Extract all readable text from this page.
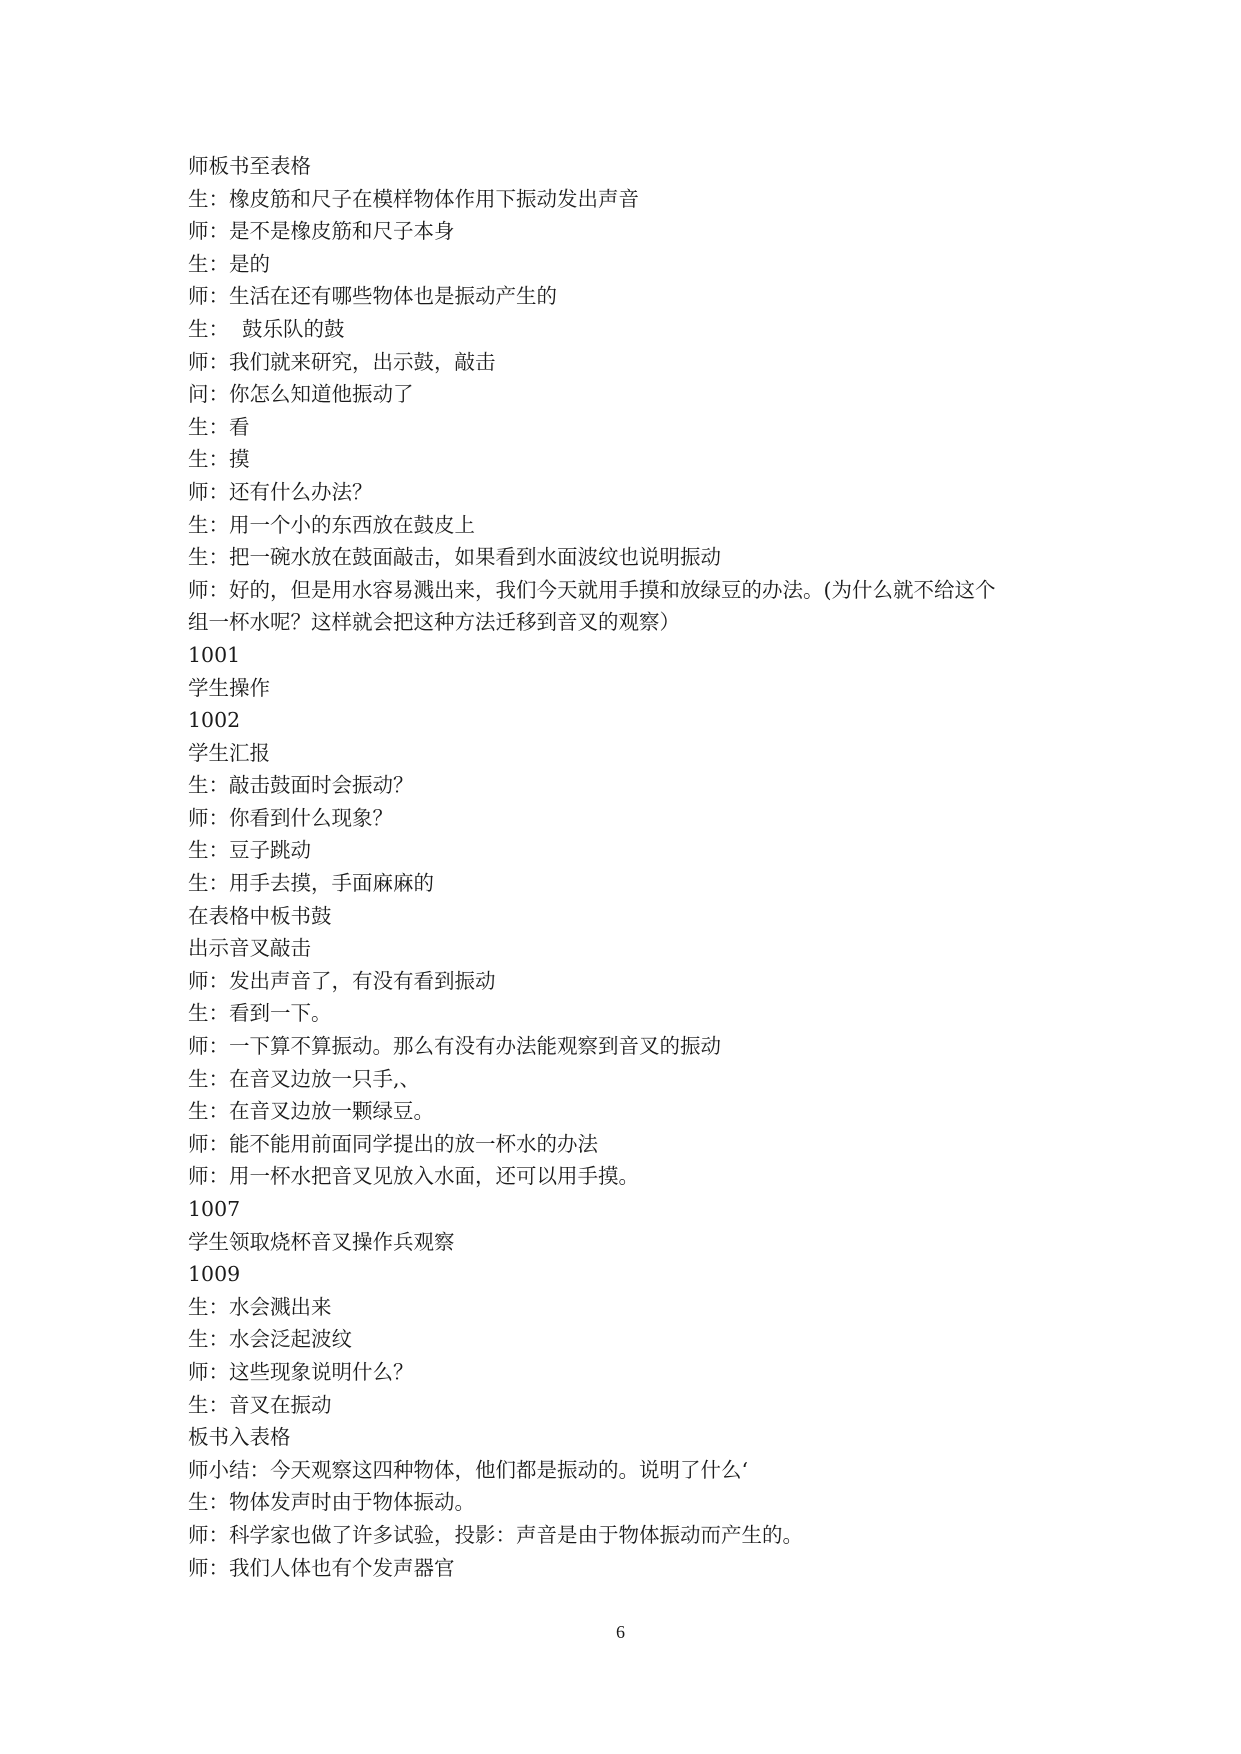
师板书至表格
生：橡皮筋和尺子在模样物体作用下振动发出声音
师：是不是橡皮筋和尺子本身
生：是的
师：生活在还有哪些物体也是振动产生的
生：  鼓乐队的鼓
师：我们就来研究，出示鼓，敲击
问：你怎么知道他振动了
生：看
生：摸
师：还有什么办法？
生：用一个小的东西放在鼓皮上
生：把一碗水放在鼓面敲击，如果看到水面波纹也说明振动
师：好的，但是用水容易溅出来，我们今天就用手摸和放绿豆的办法。(为什么就不给这个
组一杯水呢？这样就会把这种方法迁移到音叉的观察）
1001
学生操作
1002
学生汇报
生：敲击鼓面时会振动？
师：你看到什么现象？
生：豆子跳动
生：用手去摸，手面麻麻的
在表格中板书鼓
出示音叉敲击
师：发出声音了，有没有看到振动
生：看到一下。
师：一下算不算振动。那么有没有办法能观察到音叉的振动
生：在音叉边放一只手,、
生：在音叉边放一颗绿豆。
师：能不能用前面同学提出的放一杯水的办法
师：用一杯水把音叉见放入水面，还可以用手摸。
1007
学生领取烧杯音叉操作兵观察
1009
生：水会溅出来
生：水会泛起波纹
师：这些现象说明什么？
生：音叉在振动
板书入表格
师小结：今天观察这四种物体，他们都是振动的。说明了什么‘
生：物体发声时由于物体振动。
师：科学家也做了许多试验，投影：声音是由于物体振动而产生的。
师：我们人体也有个发声器官
6
